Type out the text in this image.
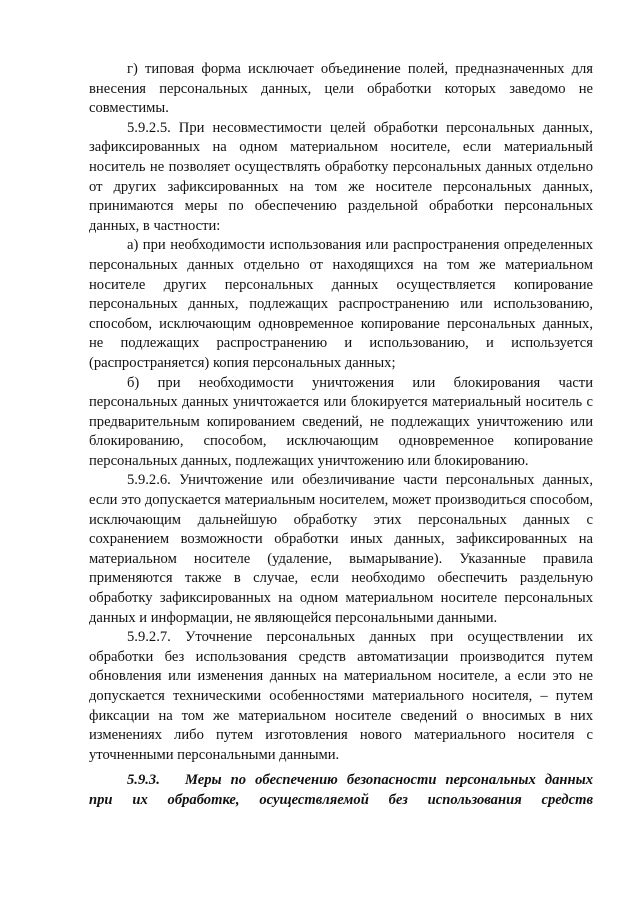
г) типовая форма исключает объединение полей, предназначенных для внесения персональных данных, цели обработки которых заведомо не совместимы.

5.9.2.5. При несовместимости целей обработки персональных данных, зафиксированных на одном материальном носителе, если материальный носитель не позволяет осуществлять обработку персональных данных отдельно от других зафиксированных на том же носителе персональных данных, принимаются меры по обеспечению раздельной обработки персональных данных, в частности:

а) при необходимости использования или распространения определенных персональных данных отдельно от находящихся на том же материальном носителе других персональных данных осуществляется копирование персональных данных, подлежащих распространению или использованию, способом, исключающим одновременное копирование персональных данных, не подлежащих распространению и использованию, и используется (распространяется) копия персональных данных;

б) при необходимости уничтожения или блокирования части персональных данных уничтожается или блокируется материальный носитель с предварительным копированием сведений, не подлежащих уничтожению или блокированию, способом, исключающим одновременное копирование персональных данных, подлежащих уничтожению или блокированию.

5.9.2.6. Уничтожение или обезличивание части персональных данных, если это допускается материальным носителем, может производиться способом, исключающим дальнейшую обработку этих персональных данных с сохранением возможности обработки иных данных, зафиксированных на материальном носителе (удаление, вымарывание). Указанные правила применяются также в случае, если необходимо обеспечить раздельную обработку зафиксированных на одном материальном носителе персональных данных и информации, не являющейся персональными данными.

5.9.2.7. Уточнение персональных данных при осуществлении их обработки без использования средств автоматизации производится путем обновления или изменения данных на материальном носителе, а если это не допускается техническими особенностями материального носителя, – путем фиксации на том же материальном носителе сведений о вносимых в них изменениях либо путем изготовления нового материального носителя с уточненными персональными данными.

5.9.3. Меры по обеспечению безопасности персональных данных при их обработке, осуществляемой без использования средств
